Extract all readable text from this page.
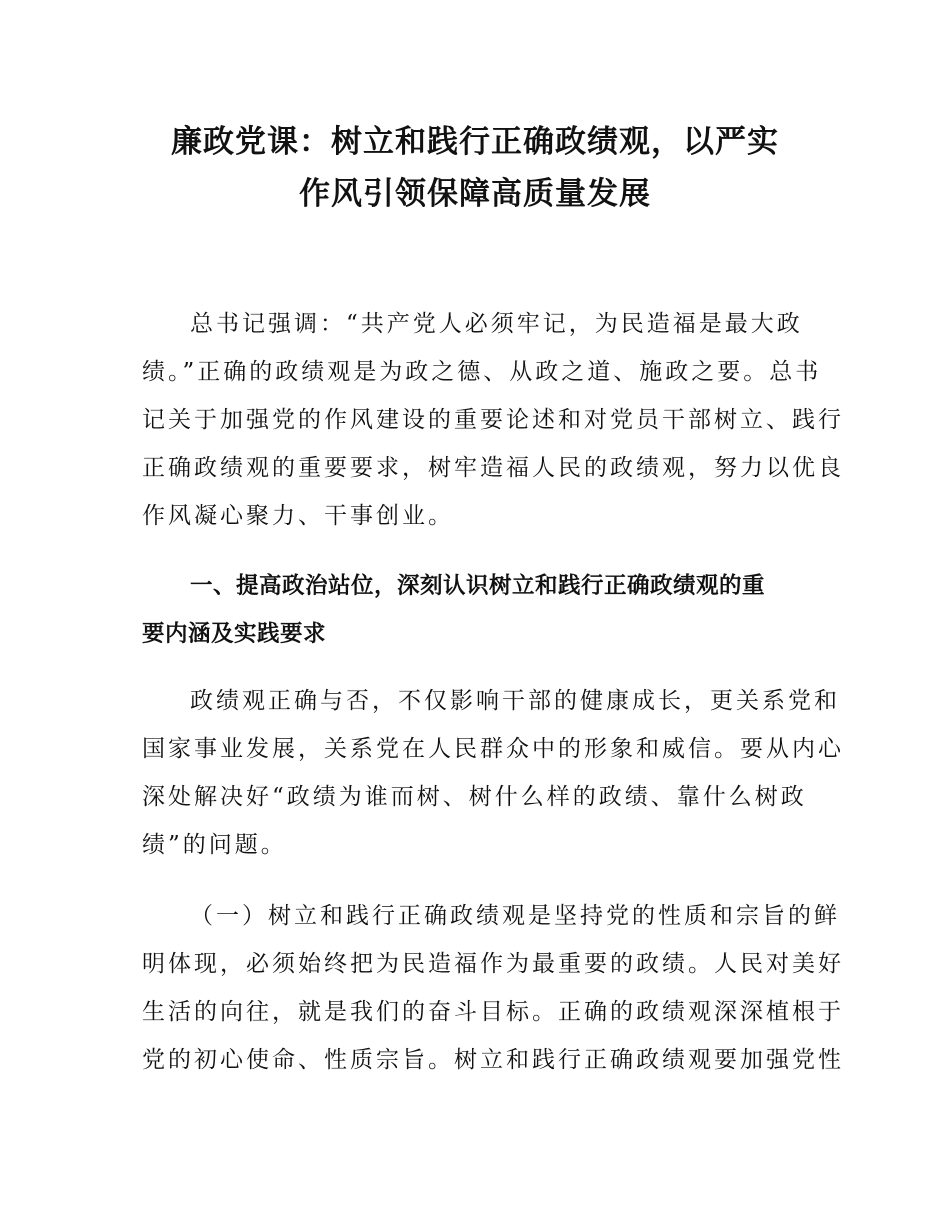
廉政党课：树立和践行正确政绩观，以严实
作风引领保障高质量发展

总书记强调：“共产党人必须牢记，为民造福是最大政
绩。”正确的政绩观是为政之德、从政之道、施政之要。总书
记关于加强党的作风建设的重要论述和对党员干部树立、践行
正确政绩观的重要要求，树牢造福人民的政绩观，努力以优良
作风凝心聚力、干事创业。

一、提高政治站位，深刻认识树立和践行正确政绩观的重
要内涵及实践要求

政绩观正确与否，不仅影响干部的健康成长，更关系党和
国家事业发展，关系党在人民群众中的形象和威信。要从内心
深处解决好“政绩为谁而树、树什么样的政绩、靠什么树政
绩”的问题。

（一）树立和践行正确政绩观是坚持党的性质和宗旨的鲜
明体现，必须始终把为民造福作为最重要的政绩。人民对美好
生活的向往，就是我们的奋斗目标。正确的政绩观深深植根于
党的初心使命、性质宗旨。树立和践行正确政绩观要加强党性
